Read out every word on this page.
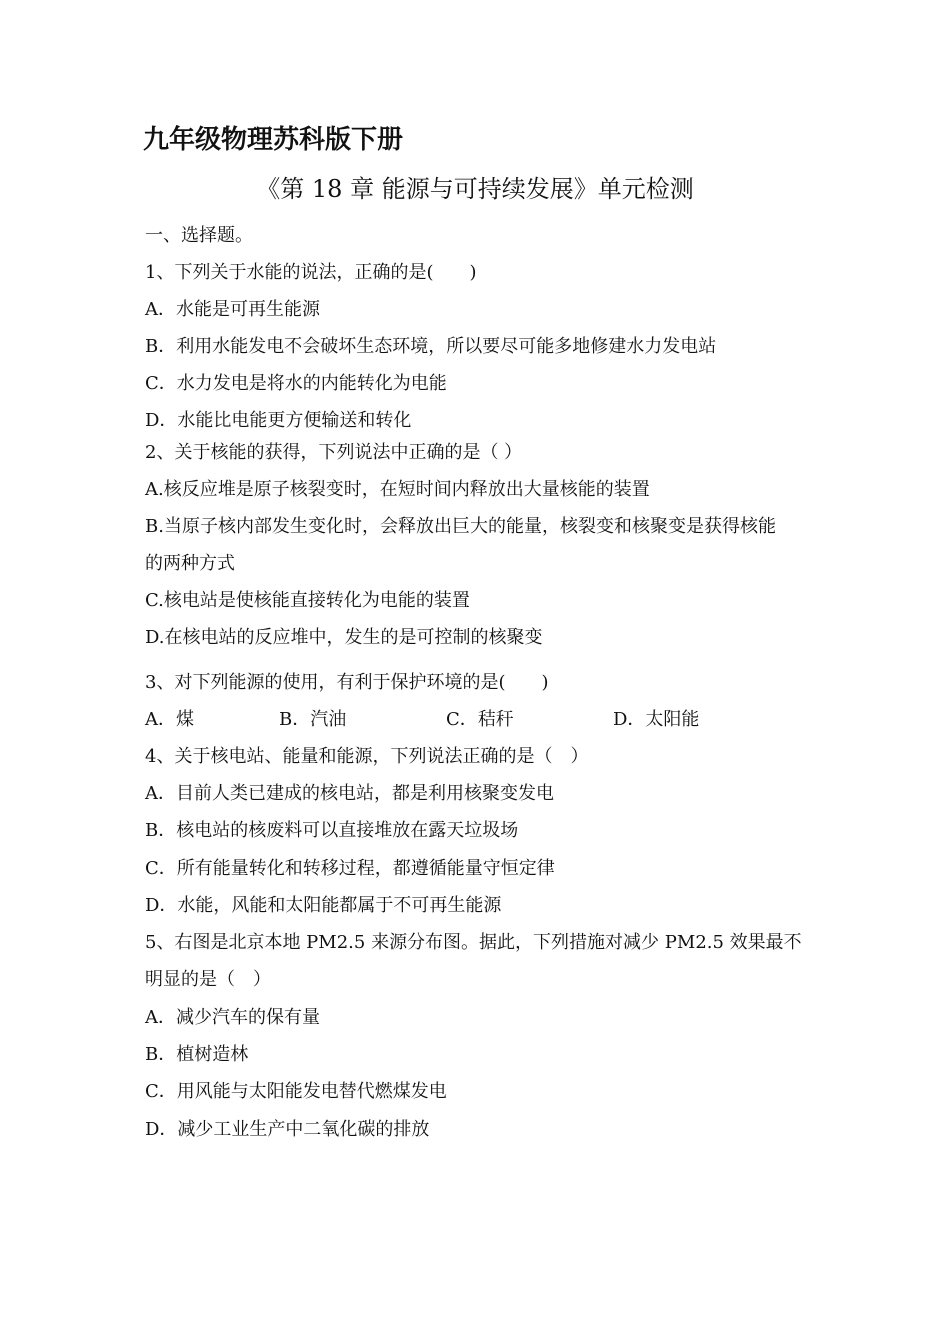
九年级物理苏科版下册
《第 18 章 能源与可持续发展》单元检测
一、选择题。
1、下列关于水能的说法，正确的是(　　)
A．水能是可再生能源
B．利用水能发电不会破坏生态环境，所以要尽可能多地修建水力发电站
C．水力发电是将水的内能转化为电能
D．水能比电能更方便输送和转化
2、关于核能的获得，下列说法中正确的是（ ）
A.核反应堆是原子核裂变时，在短时间内释放出大量核能的装置
B.当原子核内部发生变化时，会释放出巨大的能量，核裂变和核聚变是获得核能
的两种方式
C.核电站是使核能直接转化为电能的装置
D.在核电站的反应堆中，发生的是可控制的核聚变
3、对下列能源的使用，有利于保护环境的是(　　)
A．煤	B．汽油	C．秸秆	D．太阳能
4、关于核电站、能量和能源，下列说法正确的是（　）
A．目前人类已建成的核电站，都是利用核聚变发电
B．核电站的核废料可以直接堆放在露天垃圾场
C．所有能量转化和转移过程，都遵循能量守恒定律
D．水能，风能和太阳能都属于不可再生能源
5、右图是北京本地 PM2.5 来源分布图。据此，下列措施对减少 PM2.5 效果最不
明显的是（　）
A．减少汽车的保有量
B．植树造林
C．用风能与太阳能发电替代燃煤发电
D．减少工业生产中二氧化碳的排放
